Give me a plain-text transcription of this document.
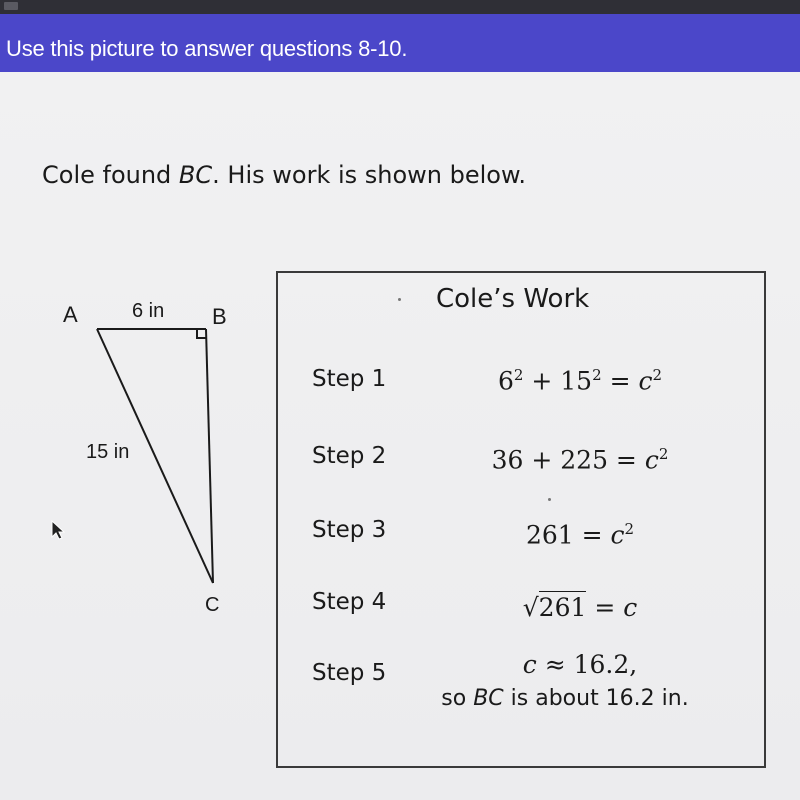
Use this picture to answer questions 8-10.
Cole found BC. His work is shown below.
A	B
C
6 in
15 in
Cole’s Work
Step 1
Step 2
Step 3
Step 4
Step 5
$6^2 + 15^2 = c^2$
$36 + 225 = c^2$
$261 = c^2$
√261 = c
c ≈ 16.2,
so BC is about 16.2 in.
